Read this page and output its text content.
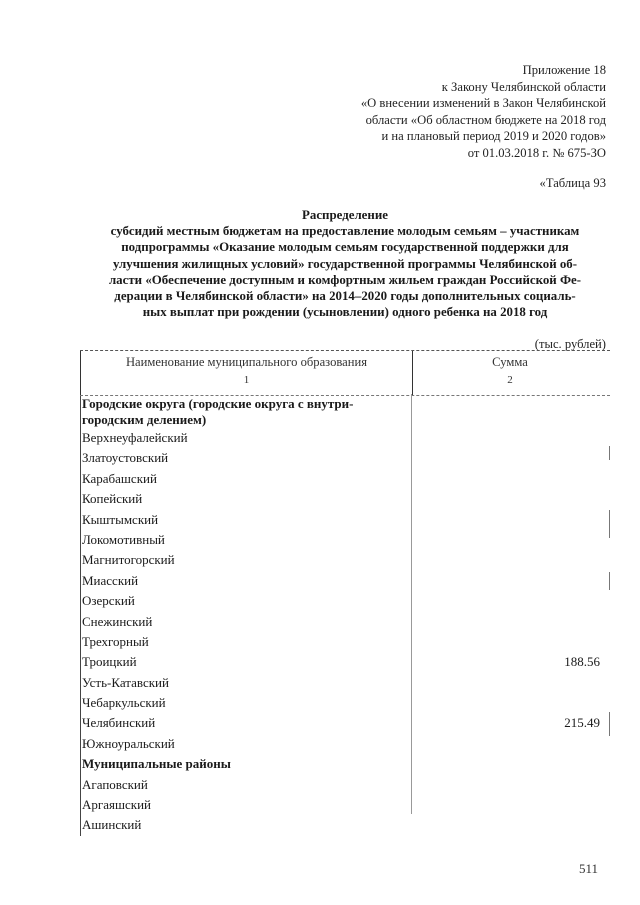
Приложение 18
к Закону Челябинской области
«О внесении изменений в Закон Челябинской
области «Об областном бюджете на 2018 год
и на плановый период 2019 и 2020 годов»
от 01.03.2018 г. № 675-ЗО
«Таблица 93
Распределение
субсидий местным бюджетам на предоставление молодым семьям – участникам
подпрограммы «Оказание молодым семьям государственной поддержки для
улучшения жилищных условий» государственной программы Челябинской об-
ласти «Обеспечение доступным и комфортным жильем граждан Российской Фе-
дерации в Челябинской области» на 2014–2020 годы дополнительных социаль-
ных выплат при рождении (усыновлении) одного ребенка на 2018 год
(тыс. рублей)
Наименование муниципального образования
1
Сумма
2
Городские округа (городские округа с внутри-
городским делением)
Верхнеуфалейский
Златоустовский
Карабашский
Копейский
Кыштымский
Локомотивный
Магнитогорский
Миасский
Озерский
Снежинский
Трехгорный
Троицкий	188.56
Усть-Катавский
Чебаркульский
Челябинский	215.49
Южноуральский
Муниципальные районы
Агаповский
Аргаяшский
Ашинский
511
